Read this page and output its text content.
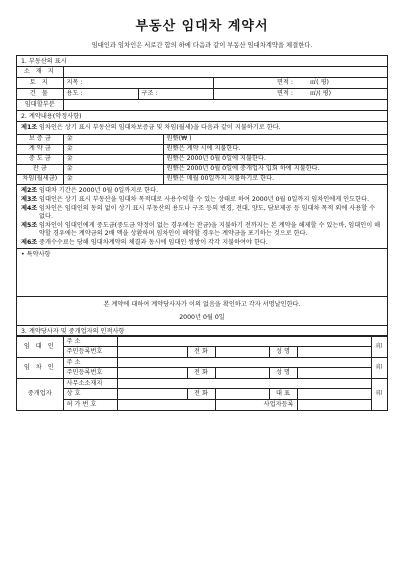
부동산 임대차 계약서
임대인과 임차인은 서로간 합의 하에 다음과 같이 부동산 임대차계약을 체결한다.
1. 부동산의 표시
소 재 지				
토 지	지목 :		면적 :	㎡( 평)
건 물	용도 :	구조 :	면적 :	㎡/( 평)
임대할부분				
2. 계약내용(약정사항)
제1조 임차인은 상기 표시 부동산의 임대차보증금 및 차임(월세)을 다음과 같이 지불하기로 한다.
보 증 금	金	원整(₩ )
계 약 금	金	원整은 계약 시에 지불한다.
중 도 금	金	원整은 2000년 0월 0일에 지불한다.
잔 금	金	원整은 2000년 0월 0일에 중개업자 입회 하에 지불한다.
차임(월세금)	金	원整은 매월 00일까지 지불하기로 한다.
제2조 임대차 기간은 2000년 0월 0일까지로 한다.
제3조 임대인은 상기 표시 부동산을 임대차 목적대로 사용수익할 수 있는 상태로 하여 2000년 0월 0일까지 임차인에게 인도한다.
제4조 임차인은 임대인의 동의 없이 상기 표시 부동산의 용도나 구조 등의 변경, 전대, 양도, 담보제공 등 임대차 목적 외에 사용할 수 없다.
제5조 임차인이 임대인에게 중도금(중도금 약정이 없는 경우에는 잔금)을 지불하기 전까지는 본 계약을 해제할 수 있는바, 임대인이 해약할 경우에는 계약금의 2배 액을 상환하며 임차인이 해약할 경우는 계약금을 포기하는 것으로 한다.
제6조 중개수수료는 당해 임대차계약의 체결과 동시에 임대인 쌍방이 각각 지불하여야 한다.
• 특약사항
본 계약에 대하여 계약당사자가 이의 없음을 확인하고 각자 서명날인한다.
2000년 0월 0일
3. 계약당사자 및 중개업자의 인적사항
임 대 인	주 소						印
	주민등록번호		전 화		성 명		
임 차 인	주 소						印
	주민등록번호		전 화		성 명		
중개업자	사무소소재지						印
	상 호		전 화		대 표		
	허 가 번 호			사업자등록			
